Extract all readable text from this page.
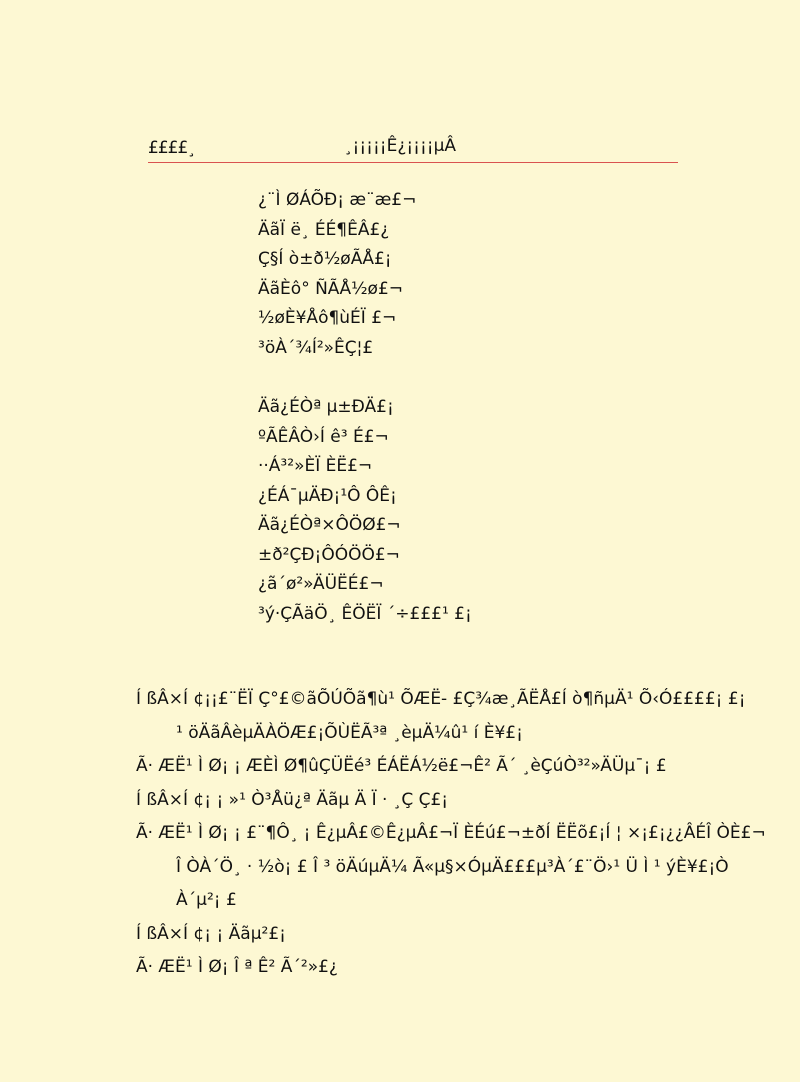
££££¸	¸¡¡¡¡¡Ê¿¡¡¡¡µÂ
¿¨Ì ØÁÕÐ¡ æ¨æ£¬
ÄãÏ ë¸ ÉÉ¶ÊÂ£¿
Ç§Í ò±ð½øÃÅ£¡
ÄãÈô° ÑÃÅ½ø£¬
½øÈ¥Åô¶ùÉÏ £¬
³öÀ´¾Í²»ÊÇ¦£
Äã¿ÉÒª µ±ÐÄ£¡
ºÃÊÂÒ›Í ê³ É£¬
··Á³²»ÈÏ ÈË£¬
¿ÉÁ¯µÄÐ¡¹Ô ÔÊ¡
Äã¿ÉÒª×ÔÖØ£¬
±ð²ÇÐ¡ÔÓÖÖ£¬
¿ã´ø²»ÄÜËÉ£¬
³ý·ÇÃäÖ¸ ÊÖËÏ ´÷£££¹ £¡
Í ßÂ×Í ¢¡¡£¨ËÏ Ç°£©ãÕÚÕã¶ù¹ ÕÆË- £Ç¾æ¸ÃËÅ£Í ò¶ñµÄ¹ Õ‹Ó££££¡ £¡
¹ öÄãÂèµÄÀÖÆ£¡ÕÙËÃ³ª ¸èµÄ¼û¹ í È¥£¡
Ã· ÆË¹ Ì Ø¡ ¡ ÆÈÌ Ø¶ûÇÜËé³ ÉÁËÁ½ë£¬Ê² Ã´ ¸èÇúÒ³²»ÄÜµ¯¡ £
Í ßÂ×Í ¢¡ ¡ »¹ Ò³Åü¿ª Äãµ Ä Ï · ¸Ç Ç£¡
Ã· ÆË¹ Ì Ø¡ ¡ £¨¶Ô¸ ¡ Ê¿µÂ£©Ê¿µÂ£¬Ï ÈÉú£¬±ðÍ ËËõ£¡Í ¦ ×¡£¡¿¿ÂÉÎ ÒÈ£¬
Î ÒÀ´Ö¸ · ½ò¡ £ Î ³ öÄúµÄ¼ Ã«µ§×ÓµÄ£££µ³À´£¨Ö›¹ Ü Ì ¹ ýÈ¥£¡Ò
À´µ²¡ £
Í ßÂ×Í ¢¡ ¡ Äãµ²£¡
Ã· ÆË¹ Ì Ø¡ Î ª Ê² Ã´²»£¿
